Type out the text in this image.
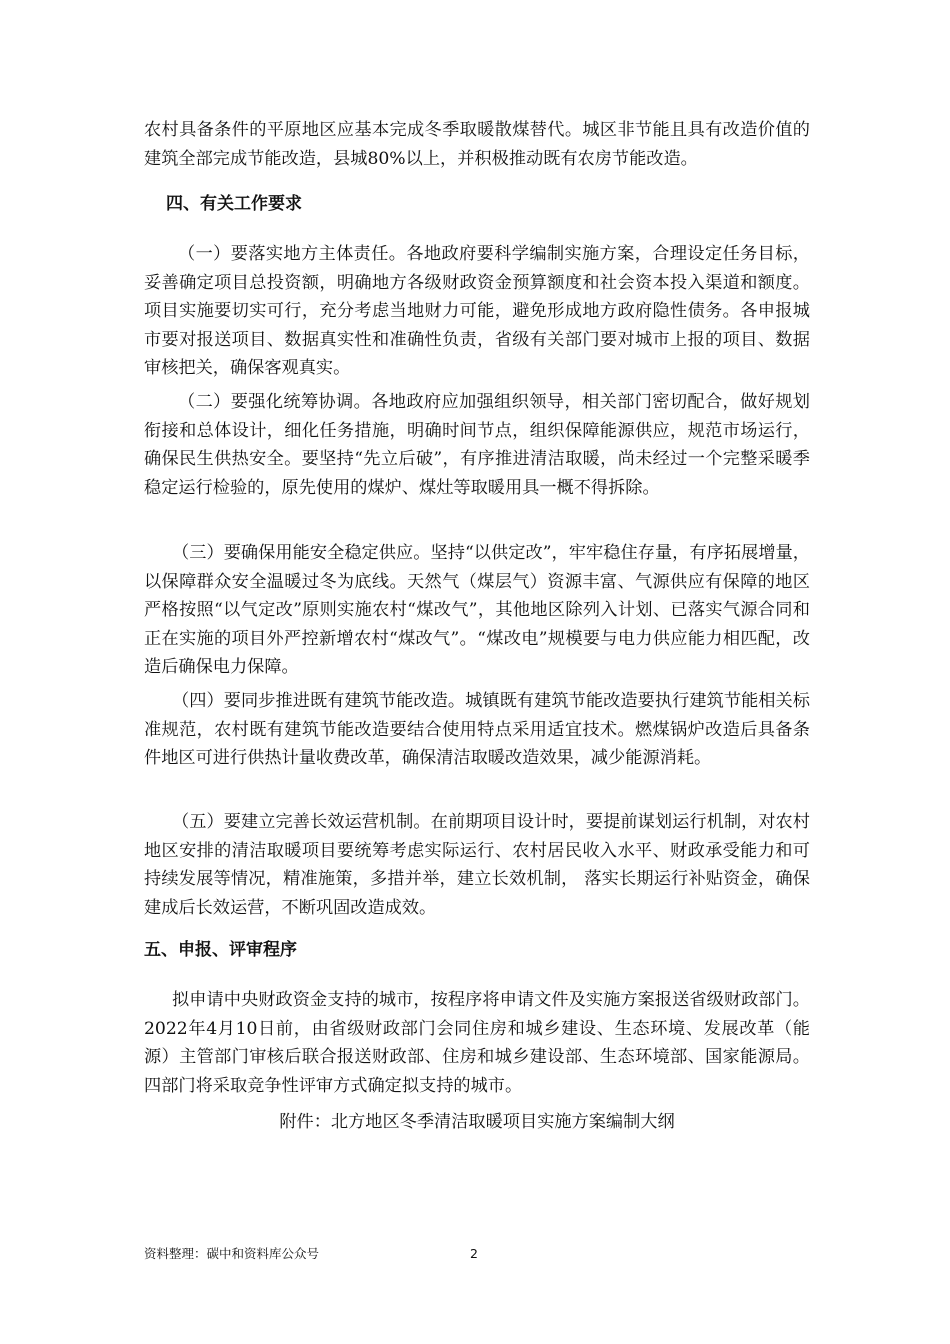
农村具备条件的平原地区应基本完成冬季取暖散煤替代。城区非节能且具有改造价值的建筑全部完成节能改造，县城80%以上，并积极推动既有农房节能改造。

四、有关工作要求

（一）要落实地方主体责任。各地政府要科学编制实施方案，合理设定任务目标，妥善确定项目总投资额，明确地方各级财政资金预算额度和社会资本投入渠道和额度。项目实施要切实可行，充分考虑当地财力可能，避免形成地方政府隐性债务。各申报城市要对报送项目、数据真实性和准确性负责，省级有关部门要对城市上报的项目、数据审核把关，确保客观真实。

（二）要强化统筹协调。各地政府应加强组织领导，相关部门密切配合，做好规划衔接和总体设计，细化任务措施，明确时间节点，组织保障能源供应，规范市场运行，确保民生供热安全。要坚持“先立后破”，有序推进清洁取暖，尚未经过一个完整采暖季稳定运行检验的，原先使用的煤炉、煤灶等取暖用具一概不得拆除。

（三）要确保用能安全稳定供应。坚持“以供定改”，牢牢稳住存量，有序拓展增量，以保障群众安全温暖过冬为底线。天然气（煤层气）资源丰富、气源供应有保障的地区严格按照“以气定改”原则实施农村“煤改气”，其他地区除列入计划、已落实气源合同和正在实施的项目外严控新增农村“煤改气”。“煤改电”规模要与电力供应能力相匹配，改造后确保电力保障。

（四）要同步推进既有建筑节能改造。城镇既有建筑节能改造要执行建筑节能相关标准规范，农村既有建筑节能改造要结合使用特点采用适宜技术。燃煤锅炉改造后具备条件地区可进行供热计量收费改革，确保清洁取暖改造效果，减少能源消耗。

（五）要建立完善长效运营机制。在前期项目设计时，要提前谋划运行机制，对农村地区安排的清洁取暖项目要统筹考虑实际运行、农村居民收入水平、财政承受能力和可持续发展等情况，精准施策，多措并举，建立长效机制， 落实长期运行补贴资金，确保建成后长效运营，不断巩固改造成效。

五、申报、评审程序

拟申请中央财政资金支持的城市，按程序将申请文件及实施方案报送省级财政部门。2022年4月10日前，由省级财政部门会同住房和城乡建设、生态环境、发展改革（能源）主管部门审核后联合报送财政部、住房和城乡建设部、生态环境部、国家能源局。四部门将采取竞争性评审方式确定拟支持的城市。

附件：北方地区冬季清洁取暖项目实施方案编制大纲

资料整理：碳中和资料库公众号	2
